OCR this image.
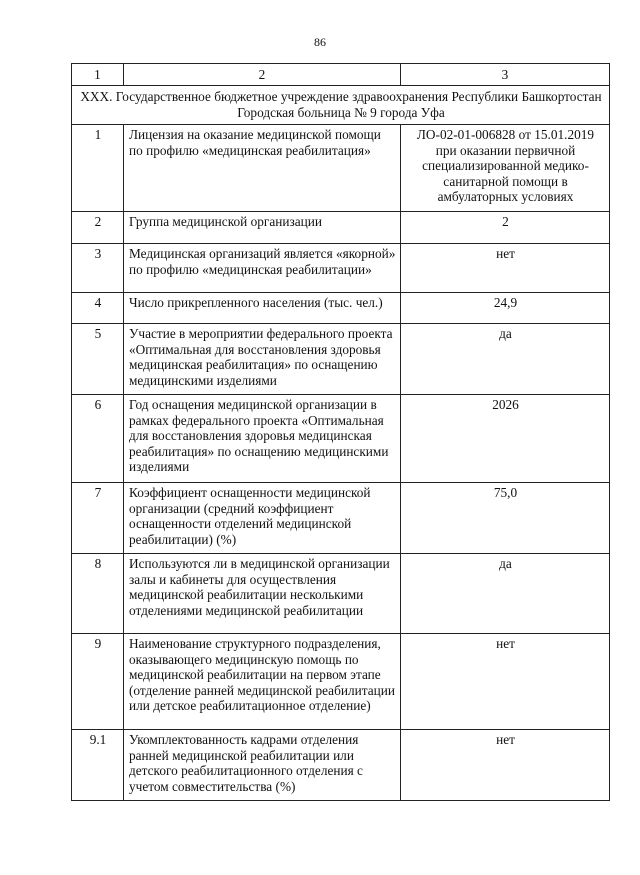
86
1	2	3
XXX. Государственное бюджетное учреждение здравоохранения Республики Башкортостан Городская больница № 9 города Уфа		
1	Лицензия на оказание медицинской помощи по профилю «медицинская реабилитация»	ЛО-02-01-006828 от 15.01.2019 при оказании первичной специализированной медико-санитарной помощи в амбулаторных условиях
2	Группа медицинской организации	2
3	Медицинская организаций является «якорной» по профилю «медицинская реабилитации»	нет
4	Число прикрепленного населения (тыс. чел.)	24,9
5	Участие в мероприятии федерального проекта «Оптимальная для восстановления здоровья медицинская реабилитация» по оснащению медицинскими изделиями	да
6	Год оснащения медицинской организации в рамках федерального проекта «Оптимальная для восстановления здоровья медицинская реабилитация» по оснащению медицинскими изделиями	2026
7	Коэффициент оснащенности медицинской организации (средний коэффициент оснащенности отделений медицинской реабилитации) (%)	75,0
8	Используются ли в медицинской организации залы и кабинеты для осуществления медицинской реабилитации несколькими отделениями медицинской реабилитации	да
9	Наименование структурного подразделения, оказывающего медицинскую помощь по медицинской реабилитации на первом этапе (отделение ранней медицинской реабилитации или детское реабилитационное отделение)	нет
9.1	Укомплектованность кадрами отделения ранней медицинской реабилитации или детского реабилитационного отделения с учетом совместительства (%)	нет
